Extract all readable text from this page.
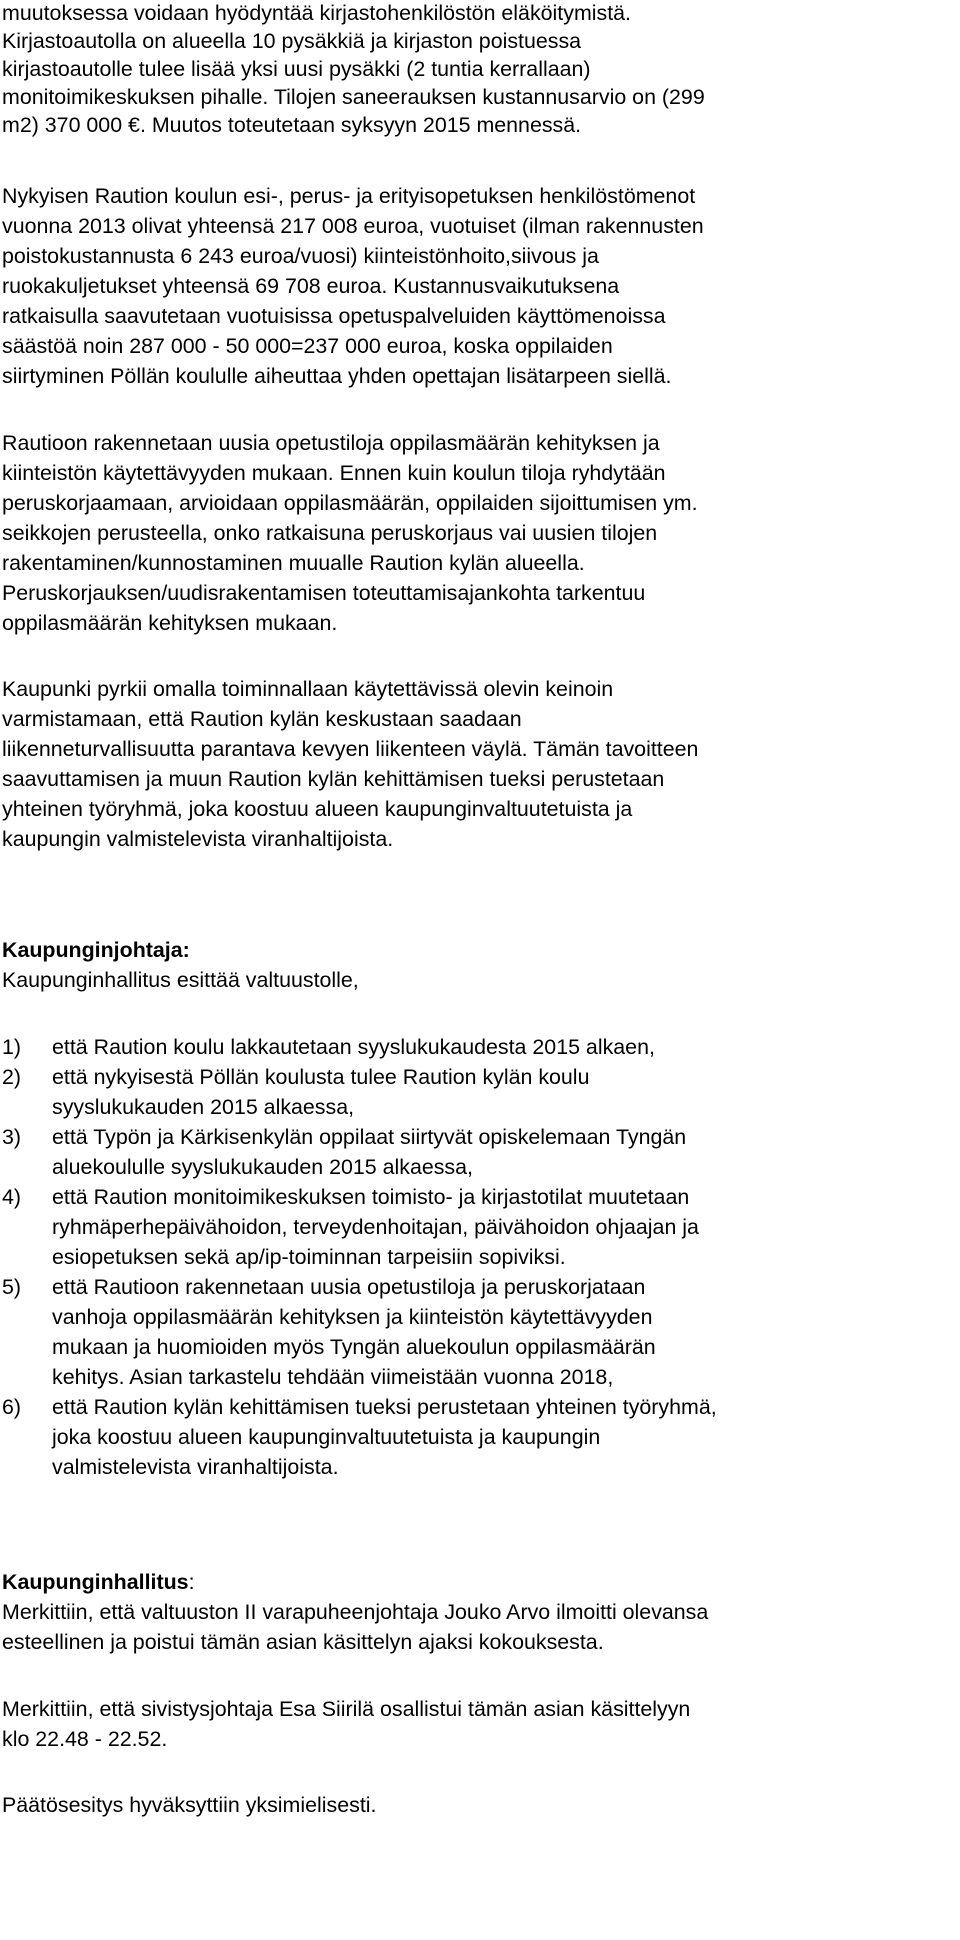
muutoksessa voidaan hyödyntää kirjastohenkilöstön eläköitymistä.
Kirjastoautolla on alueella 10 pysäkkiä ja kirjaston poistuessa
kirjastoautolle tulee lisää yksi uusi pysäkki (2 tuntia kerrallaan)
monitoimikeskuksen pihalle. Tilojen saneerauksen kustannusarvio on (299
m2) 370 000 €. Muutos toteutetaan syksyyn 2015 mennessä.
Nykyisen Raution koulun esi-, perus- ja erityisopetuksen henkilöstömenot
vuonna 2013 olivat yhteensä 217 008 euroa, vuotuiset (ilman rakennusten
poistokustannusta 6 243 euroa/vuosi) kiinteistönhoito,siivous ja
ruokakuljetukset yhteensä 69 708 euroa. Kustannusvaikutuksena
ratkaisulla saavutetaan vuotuisissa opetuspalveluiden käyttömenoissa
säästöä noin 287 000 - 50 000=237 000 euroa, koska oppilaiden
siirtyminen Pöllän koululle aiheuttaa yhden opettajan lisätarpeen siellä.
Rautioon rakennetaan uusia opetustiloja oppilasmäärän kehityksen ja
kiinteistön käytettävyyden mukaan. Ennen kuin koulun tiloja ryhdytään
peruskorjaamaan, arvioidaan oppilasmäärän, oppilaiden sijoittumisen ym.
seikkojen perusteella, onko ratkaisuna peruskorjaus vai uusien tilojen
rakentaminen/kunnostaminen muualle Raution kylän alueella.
Peruskorjauksen/uudisrakentamisen toteuttamisajankohta tarkentuu
oppilasmäärän kehityksen mukaan.
Kaupunki pyrkii omalla toiminnallaan käytettävissä olevin keinoin
varmistamaan, että Raution kylän keskustaan saadaan
liikenneturvallisuutta parantava kevyen liikenteen väylä. Tämän tavoitteen
saavuttamisen ja muun Raution kylän kehittämisen tueksi perustetaan
yhteinen työryhmä, joka koostuu alueen kaupunginvaltuutetuista ja
kaupungin valmistelevista viranhaltijoista.
Kaupunginjohtaja:
Kaupunginhallitus esittää valtuustolle,
1) että Raution koulu lakkautetaan syyslukukaudesta 2015 alkaen,
2) että nykyisestä Pöllän koulusta tulee Raution kylän koulu
syyslukukauden 2015 alkaessa,
3) että Typön ja Kärkisenkylän oppilaat siirtyvät opiskelemaan Tyngän
aluekoululle syyslukukauden 2015 alkaessa,
4) että Raution monitoimikeskuksen toimisto- ja kirjastotilat muutetaan
ryhmäperhepäivähoidon, terveydenhoitajan, päivähoidon ohjaajan ja
esiopetuksen sekä ap/ip-toiminnan tarpeisiin sopiviksi.
5) että Rautioon rakennetaan uusia opetustiloja ja peruskorjataan
vanhoja oppilasmäärän kehityksen ja kiinteistön käytettävyyden
mukaan ja huomioiden myös Tyngän aluekoulun oppilasmäärän
kehitys. Asian tarkastelu tehdään viimeistään vuonna 2018,
6) että Raution kylän kehittämisen tueksi perustetaan yhteinen työryhmä,
joka koostuu alueen kaupunginvaltuutetuista ja kaupungin
valmistelevista viranhaltijoista.
Kaupunginhallitus:
Merkittiin, että valtuuston II varapuheenjohtaja Jouko Arvo ilmoitti olevansa
esteellinen ja poistui tämän asian käsittelyn ajaksi kokouksesta.
Merkittiin, että sivistysjohtaja Esa Siirilä osallistui tämän asian käsittelyyn
klo 22.48 - 22.52.
Päätösesitys hyväksyttiin yksimielisesti.
